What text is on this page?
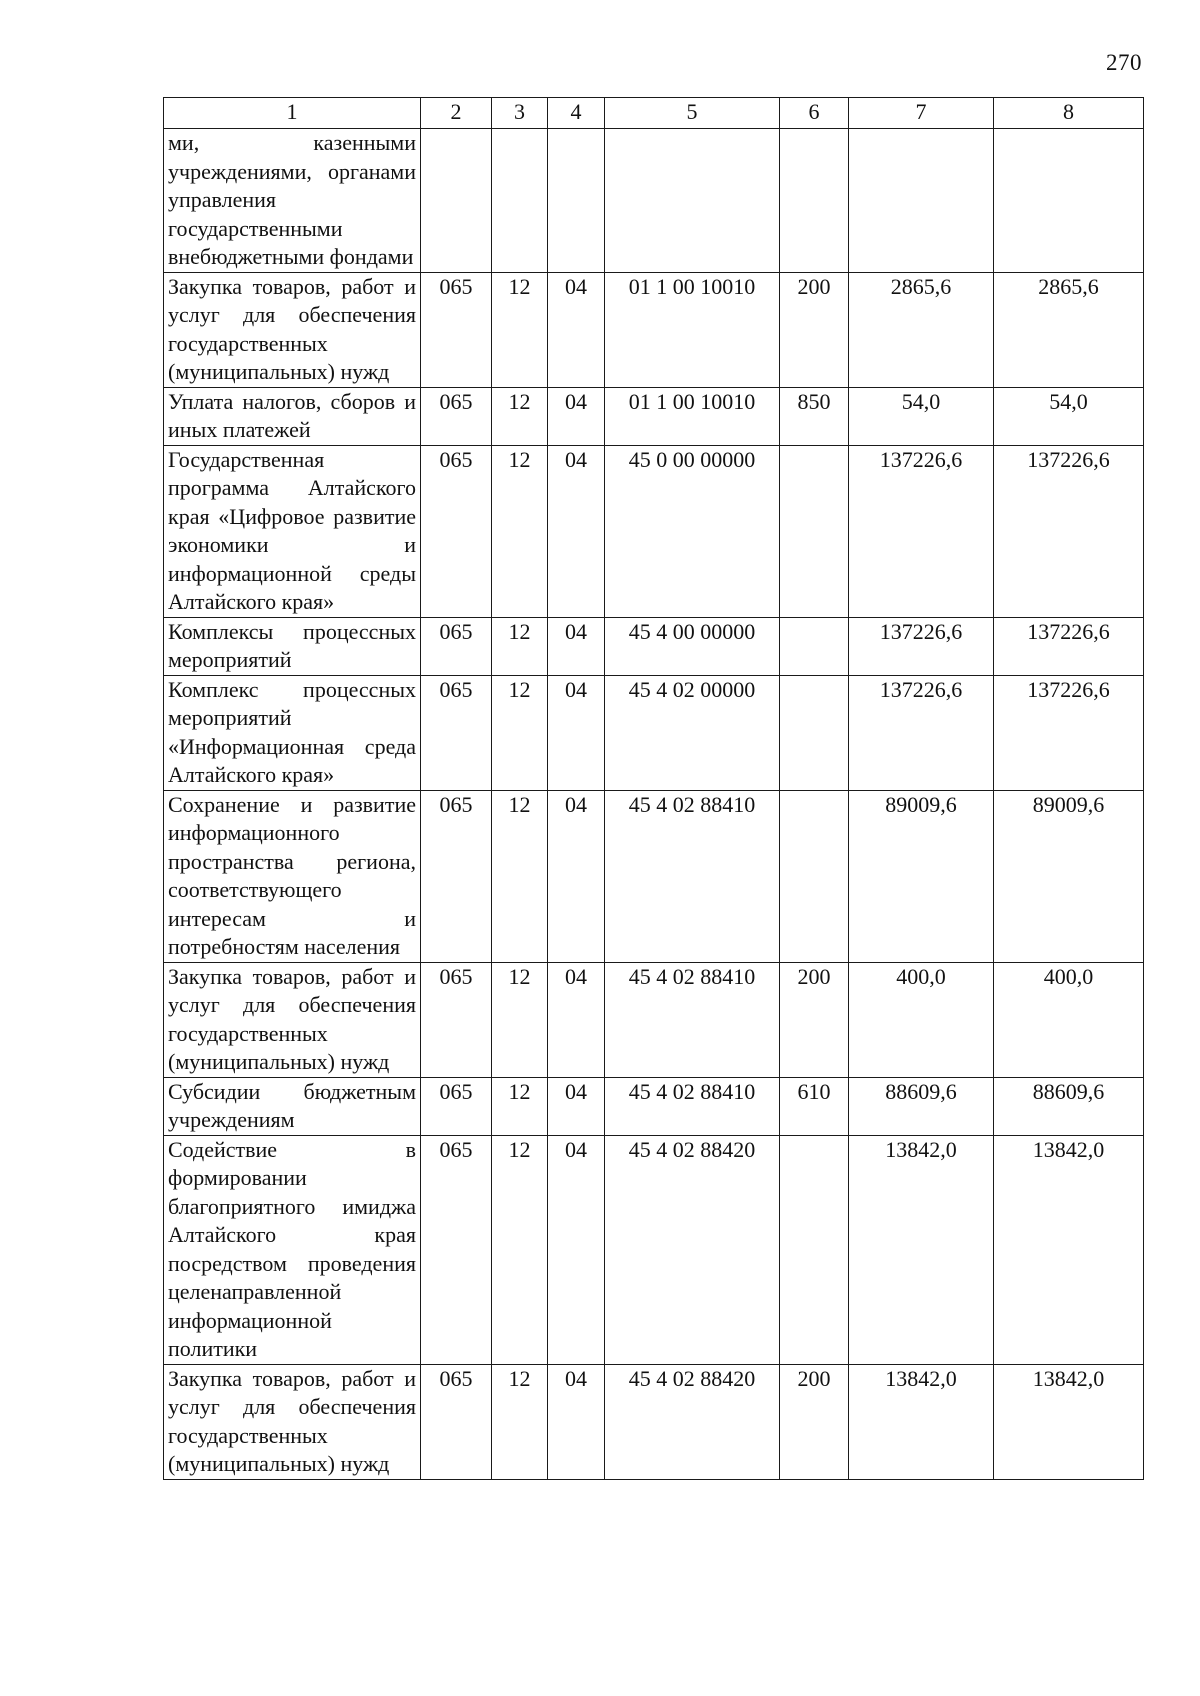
270
1	2	3	4	5	6	7	8
ми, казенными учреждениями, органами управления государственными внебюджетными фондами							
Закупка товаров, работ и услуг для обеспечения государственных (муниципальных) нужд	065	12	04	01 1 00 10010	200	2865,6	2865,6
Уплата налогов, сборов и иных платежей	065	12	04	01 1 00 10010	850	54,0	54,0
Государственная программа Алтайского края «Цифровое развитие экономики и информационной среды Алтайского края»	065	12	04	45 0 00 00000		137226,6	137226,6
Комплексы процессных мероприятий	065	12	04	45 4 00 00000		137226,6	137226,6
Комплекс процессных мероприятий «Информационная среда Алтайского края»	065	12	04	45 4 02 00000		137226,6	137226,6
Сохранение и развитие информационного пространства региона, соответствующего интересам и потребностям населения	065	12	04	45 4 02 88410		89009,6	89009,6
Закупка товаров, работ и услуг для обеспечения государственных (муниципальных) нужд	065	12	04	45 4 02 88410	200	400,0	400,0
Субсидии бюджетным учреждениям	065	12	04	45 4 02 88410	610	88609,6	88609,6
Содействие в формировании благоприятного имиджа Алтайского края посредством проведения целенаправленной информационной политики	065	12	04	45 4 02 88420		13842,0	13842,0
Закупка товаров, работ и услуг для обеспечения государственных (муниципальных) нужд	065	12	04	45 4 02 88420	200	13842,0	13842,0
